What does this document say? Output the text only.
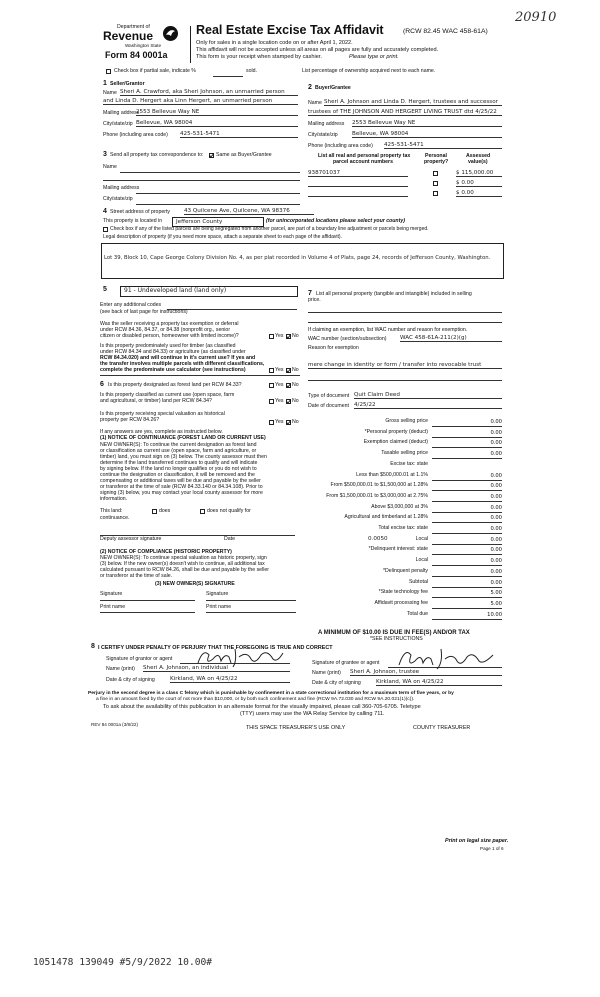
20910
Department of
Revenue
Washington State
Form 84 0001a
Real Estate Excise Tax Affidavit	(RCW 82.45 WAC 458-61A)
Only for sales in a single location code on or after April 1, 2022.
This affidavit will not be accepted unless all areas on all pages are fully and accurately completed.
This form is your receipt when stamped by cashier.	Please type or print.
Check box if partial sale, indicate %	sold.	List percentage of ownership acquired next to each name.
1 Seller/Grantor
Name Sheri A. Crawford, aka Sheri Johnson, an unmarried person
and Linda D. Hergert aka Linn Hergert, an unmarried person
Mailing address
2553 Bellevue Way NE
City/state/zip Bellevue, WA 98004
Phone (including area code) 425-531-5471
2 Buyer/Grantee
Name Sheri A. Johnson and Linda D. Hergert, trustees and successor
trustees of THE JOHNSON AND HERGERT LIVING TRUST dtd 4/25/22
Mailing address 2553 Bellevue Way NE
City/state/zip	Bellevue, WA 98004
Phone (including area code) 425-531-5471
3 Send all property tax correspondence to: Same as Buyer/Grantee
Name
Mailing address
City/state/zip
List all real and personal property tax
parcel account numbers
Personal
property?
Assessed
value(s)
938701037	$ 115,000.00
$ 0.00
$ 0.00
4 Street address of property	43 Quilcene Ave, Quilcene, WA 98376
This property is located in Jefferson County	(for unincorporated locations please select your county)
Check box if any of the listed parcels are being segregated from another parcel, are part of a boundary line adjustment or parcels being merged.
Legal description of property (if you need more space, attach a separate sheet to each page of the affidavit).
Lot 39, Block 10, Cape George Colony Division No. 4, as per plat recorded in Volume 4 of Plats, page 24, records of Jefferson County, Washington.
5	91 - Undeveloped land (land only)
Enter any additional codes
(see back of last page for instructions)
Was the seller receiving a property tax exemption or deferral
under RCW 84.36, 84.37, or 84.38 (nonprofit org., senior
citizen or disabled person, homeowner with limited income)?	Yes No
Is this property predominately used for timber (as classified
under RCW 84.34 and 84.33) or agriculture (as classified under
RCW 84.34.020) and will continue in it's current use? If yes and
the transfer involves multiple parcels with different classifications,
complete the predominate use calculator (see instructions)	Yes No
6 Is this property designated as forest land per RCW 84.33?	Yes No
Is this property classified as current use (open space, farm
and agricultural, or timber) land per RCW 84.34?	Yes No
Is this property receiving special valuation as historical
property per RCW 84.26?	Yes No
If any answers are yes, complete as instructed below.
(1) NOTICE OF CONTINUANCE (FOREST LAND OR CURRENT USE)
NEW OWNER(S): To continue the current designation as forest land
or classification as current use (open space, farm and agriculture, or
timber) land, you must sign on (3) below. The county assessor must then
determine if the land transferred continues to qualify and will indicate
by signing below. If the land no longer qualifies or you do not wish to
continue the designation or classification, it will be removed and the
compensating or additional taxes will be due and payable by the seller
or transferor at the time of sale (RCW 84.33.140 or 84.34.108). Prior to
signing (3) below, you may contact your local county assessor for more
information.
This land:	does	does not qualify for
continuance.
Deputy assessor signature	Date
(2) NOTICE OF COMPLIANCE (HISTORIC PROPERTY)
NEW OWNER(S): To continue special valuation as historic property, sign
(3) below. If the new owner(s) doesn't wish to continue, all additional tax
calculated pursuant to RCW 84.26, shall be due and payable by the seller
or transferor at the time of sale.
(3) NEW OWNER(S) SIGNATURE
Signature	Signature
Print name	Print name
7 List all personal property (tangible and intangible) included in selling
price.
If claiming an exemption, list WAC number and reason for exemption.
WAC number (section/subsection) WAC 458-61A-211(2)(g)
Reason for exemption
mere change in identity or form / transfer into revocable trust
Type of document Quit Claim Deed
Date of document 4/25/22
Gross selling price	0.00
*Personal property (deduct)	0.00
Exemption claimed (deduct)	0.00
Taxable selling price	0.00
Excise tax: state
Less than $500,000.01 at 1.1%	0.00
From $500,000.01 to $1,500,000 at 1.28%	0.00
From $1,500,000.01 to $3,000,000 at 2.75%	0.00
Above $3,000,000 at 3%	0.00
Agricultural and timberland at 1.28%	0.00
Total excise tax: state	0.00
Local
0.0050	0.00
*Delinquent interest: state	0.00
Local	0.00
*Delinquent penalty	0.00
Subtotal	0.00
*State technology fee	5.00
Affidavit processing fee	5.00
Total due	10.00
A MINIMUM OF $10.00 IS DUE IN FEE(S) AND/OR TAX
*SEE INSTRUCTIONS
8 I CERTIFY UNDER PENALTY OF PERJURY THAT THE FOREGOING IS TRUE AND CORRECT
Signature of grantor or agent
Name (print) Sheri A. Johnson, an individual
Date & city of signing	Kirkland, WA on 4/25/22
Signature of grantee or agent
Name (print) Sheri A. Johnson, trustee
Date & city of signing	Kirkland, WA on 4/25/22
Perjury in the second degree is a class C felony which is punishable by confinement in a state correctional institution for a maximum term of five years, or by
a fine in an amount fixed by the court of not more than $10,000, or by both such confinement and fine (RCW 9A.72.030 and RCW 9A.20.021(1)(c)).
To ask about the availability of this publication in an alternate format for the visually impaired, please call 360-705-6705. Teletype
(TTY) users may use the WA Relay Service by calling 711.
REV 84 0001a (3/8/22)
THIS SPACE TREASURER'S USE ONLY	COUNTY TREASURER
Print on legal size paper.
Page 1 of 6
1051478 139049 #5/9/2022 10.00#
